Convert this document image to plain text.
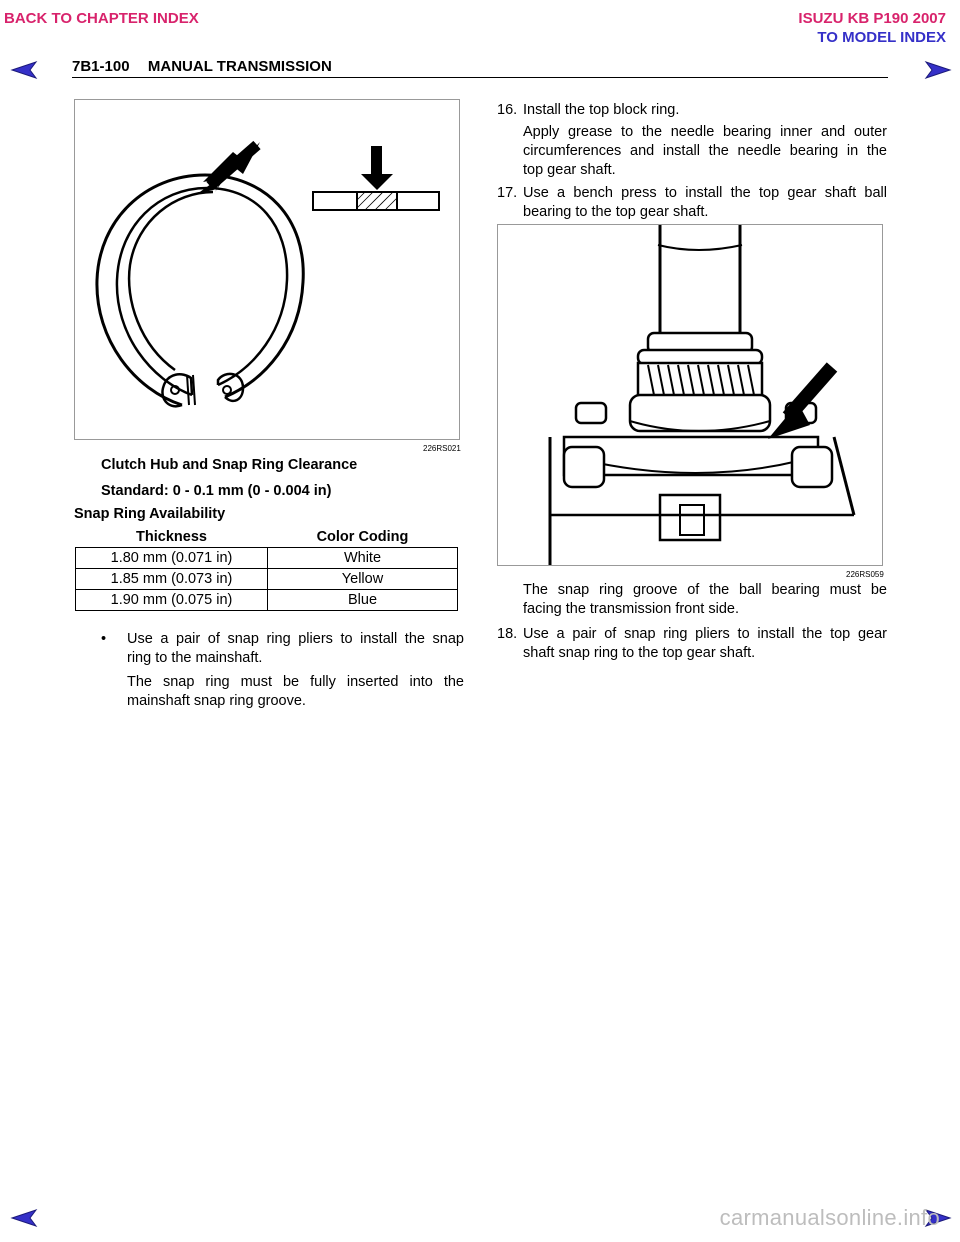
BACK TO CHAPTER INDEX	ISUZU KB P190 2007
TO MODEL INDEX
7B1-100 MANUAL TRANSMISSION
226RS021
Clutch Hub and Snap Ring Clearance
Standard: 0 - 0.1 mm (0 - 0.004 in)
Snap Ring Availability
Thickness	Color Coding
1.80 mm (0.071 in)	White
1.85 mm (0.073 in)	Yellow
1.90 mm (0.075 in)	Blue
• Use a pair of snap ring pliers to install the snap
ring to the mainshaft.
The snap ring must be fully inserted into the
mainshaft snap ring groove.
16. Install the top block ring.
Apply grease to the needle bearing inner and outer
circumferences and install the needle bearing in the
top gear shaft.
17. Use a bench press to install the top gear shaft ball
bearing to the top gear shaft.
226RS059
The snap ring groove of the ball bearing must be
facing the transmission front side.
18. Use a pair of snap ring pliers to install the top gear
shaft snap ring to the top gear shaft.
carmanualsonline.info
